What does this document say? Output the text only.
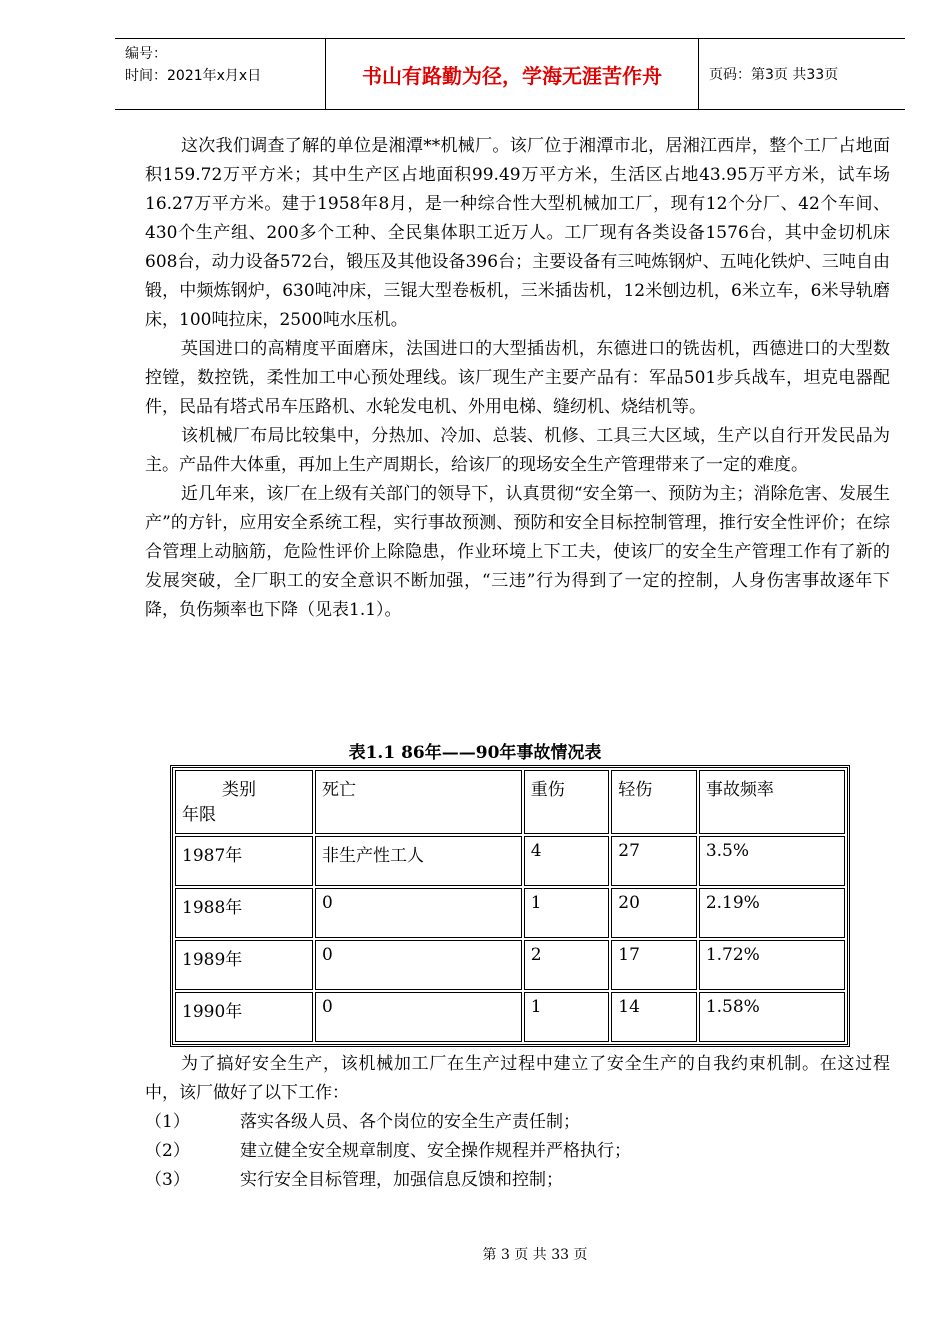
编号：
时间：2021年x月x日	书山有路勤为径，学海无涯苦作舟	页码：第3页 共33页

这次我们调查了解的单位是湘潭**机械厂。该厂位于湘潭市北，居湘江西岸，整个工厂占地面积159.72万平方米；其中生产区占地面积99.49万平方米，生活区占地43.95万平方米，试车场16.27万平方米。建于1958年8月，是一种综合性大型机械加工厂，现有12个分厂、42个车间、430个生产组、200多个工种、全民集体职工近万人。工厂现有各类设备1576台，其中金切机床608台，动力设备572台，锻压及其他设备396台；主要设备有三吨炼钢炉、五吨化铁炉、三吨自由锻，中频炼钢炉，630吨冲床，三锟大型卷板机，三米插齿机，12米刨边机，6米立车，6米导轨磨床，100吨拉床，2500吨水压机。

英国进口的高精度平面磨床，法国进口的大型插齿机，东德进口的铣齿机，西德进口的大型数控镗，数控铣，柔性加工中心预处理线。该厂现生产主要产品有：军品501步兵战车，坦克电器配件，民品有塔式吊车压路机、水轮发电机、外用电梯、缝纫机、烧结机等。

该机械厂布局比较集中，分热加、冷加、总装、机修、工具三大区域，生产以自行开发民品为主。产品件大体重，再加上生产周期长，给该厂的现场安全生产管理带来了一定的难度。

近几年来，该厂在上级有关部门的领导下，认真贯彻“安全第一、预防为主；消除危害、发展生产”的方针，应用安全系统工程，实行事故预测、预防和安全目标控制管理，推行安全性评价；在综合管理上动脑筋，危险性评价上除隐患，作业环境上下工夫，使该厂的安全生产管理工作有了新的发展突破，全厂职工的安全意识不断加强，“三违”行为得到了一定的控制，人身伤害事故逐年下降，负伤频率也下降（见表1.1）。

表1.1 86年——90年事故情况表
类别
年限	死亡	重伤	轻伤	事故频率
1987年	非生产性工人	4	27	3.5%
1988年	0	1	20	2.19%
1989年	0	2	17	1.72%
1990年	0	1	14	1.58%

为了搞好安全生产，该机械加工厂在生产过程中建立了安全生产的自我约束机制。在这过程中，该厂做好了以下工作：

（1）	落实各级人员、各个岗位的安全生产责任制；
（2）	建立健全安全规章制度、安全操作规程并严格执行；
（3）	实行安全目标管理，加强信息反馈和控制；
第 3 页 共 33 页
